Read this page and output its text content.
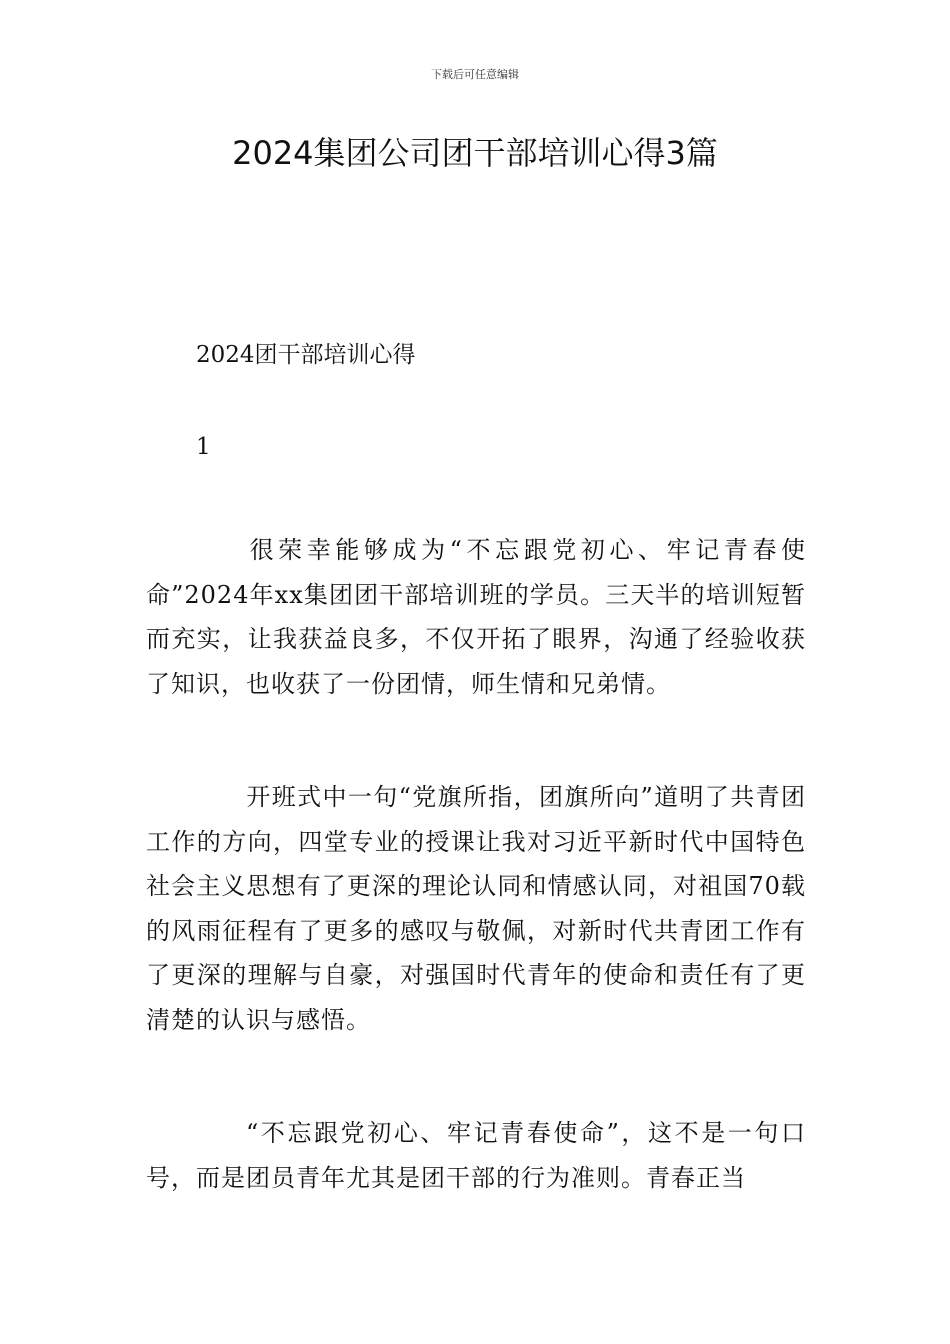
下载后可任意编辑
2024集团公司团干部培训心得3篇
2024团干部培训心得
1
很荣幸能够成为“不忘跟党初心、牢记青春使命”2024年xx集团团干部培训班的学员。三天半的培训短暂而充实，让我获益良多，不仅开拓了眼界，沟通了经验收获了知识，也收获了一份团情，师生情和兄弟情。
开班式中一句“党旗所指，团旗所向”道明了共青团工作的方向，四堂专业的授课让我对习近平新时代中国特色社会主义思想有了更深的理论认同和情感认同，对祖国70载的风雨征程有了更多的感叹与敬佩，对新时代共青团工作有了更深的理解与自豪，对强国时代青年的使命和责任有了更清楚的认识与感悟。
“不忘跟党初心、牢记青春使命”，这不是一句口号，而是团员青年尤其是团干部的行为准则。青春正当
